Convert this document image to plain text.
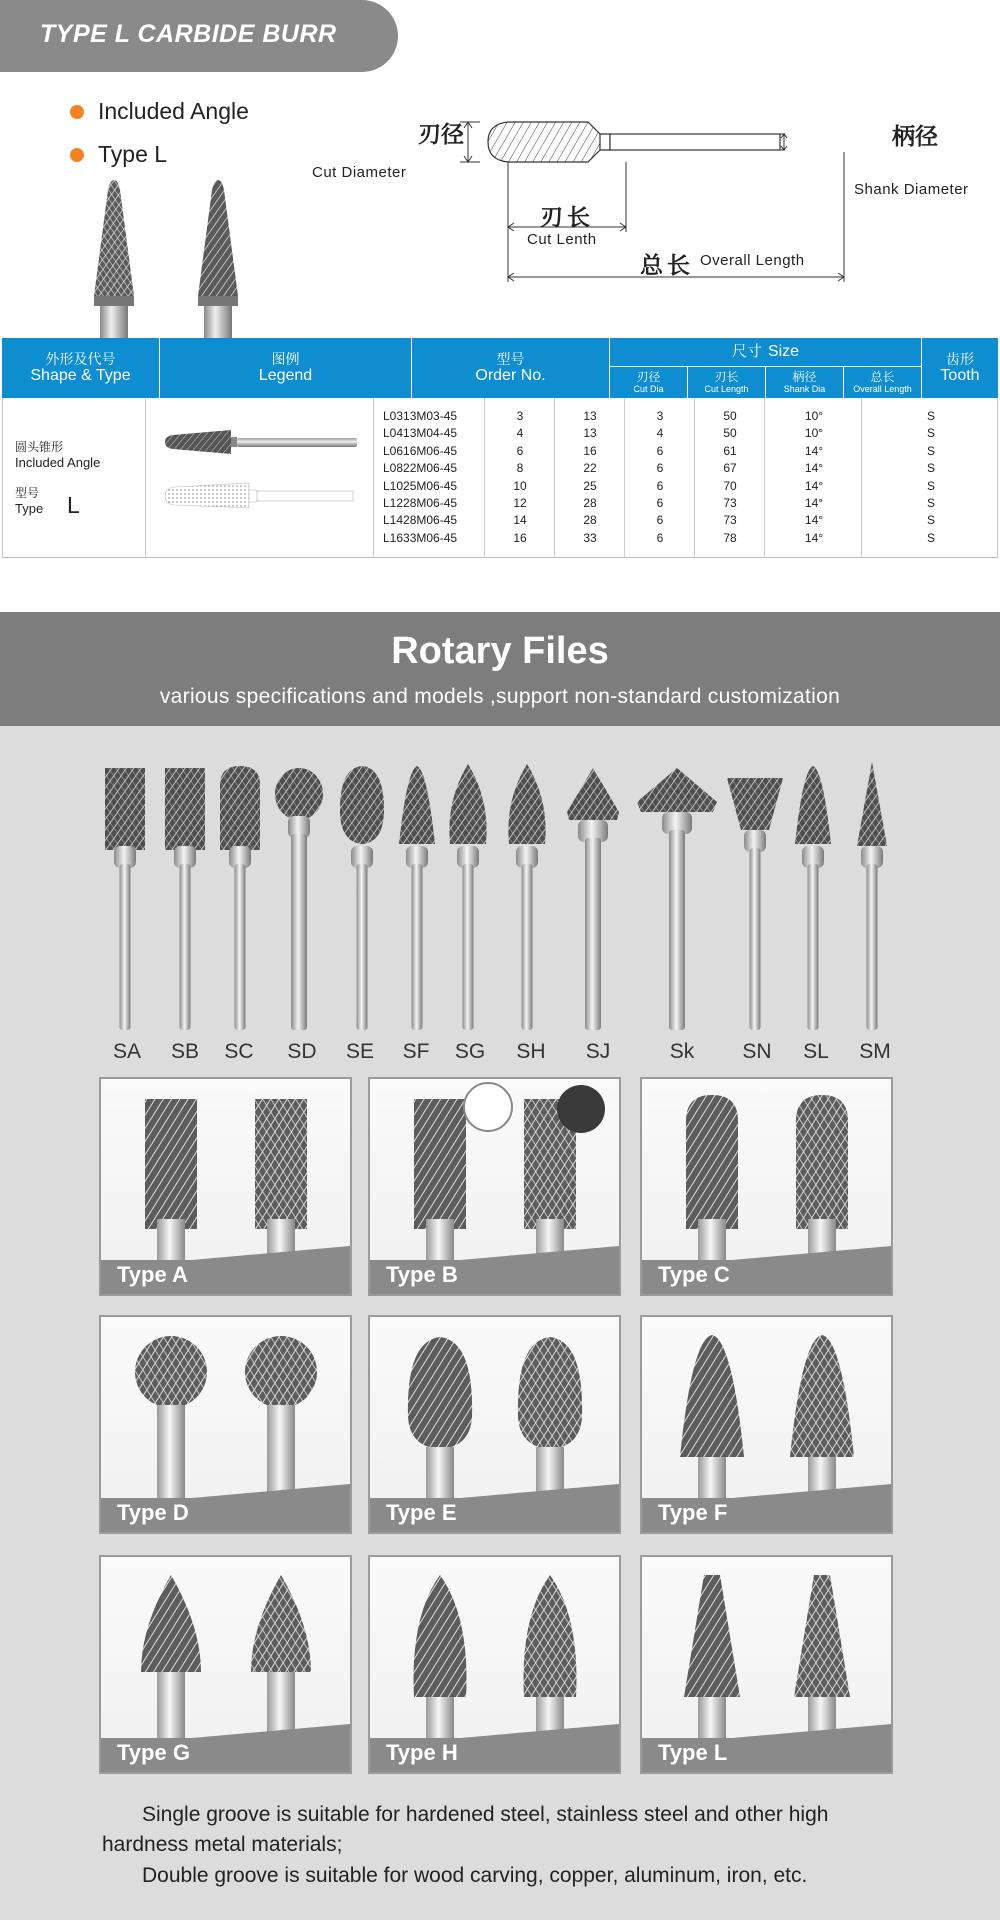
TYPE L CARBIDE BURR
Included Angle
Type L
刃径
Cut Diameter
柄径
Shank Diameter
刃长
Cut Lenth
总长 Overall Length
外形及代号
Shape & Type
图例
Legend
型号
Order No.
尺寸 Size
刃径
Cut Dia
刃长
Cut Length
柄径
Shank Dia
总长
Overall Length
齿形
Tooth
圆头锥形
Included Angle
型号
Type L
L0313M03-45	3	13	3	50	10°	S
L0413M04-45	4	13	4	50	10°	S
L0616M06-45	6	16	6	61	14°	S
L0822M06-45	8	22	6	67	14°	S
L1025M06-45	10	25	6	70	14°	S
L1228M06-45	12	28	6	73	14°	S
L1428M06-45	14	28	6	73	14°	S
L1633M06-45	16	33	6	78	14°	S
Rotary Files
various specifications and models ,support non-standard customization
SA	SB	SC	SD	SE	SF	SG	SH	SJ	Sk	SN	SL	SM
Type A	Type B	Type C
Type D	Type E	Type F
Type G	Type H	Type L
Single groove is suitable for hardened steel, stainless steel and other high
hardness metal materials;
Double groove is suitable for wood carving, copper, aluminum, iron, etc.
